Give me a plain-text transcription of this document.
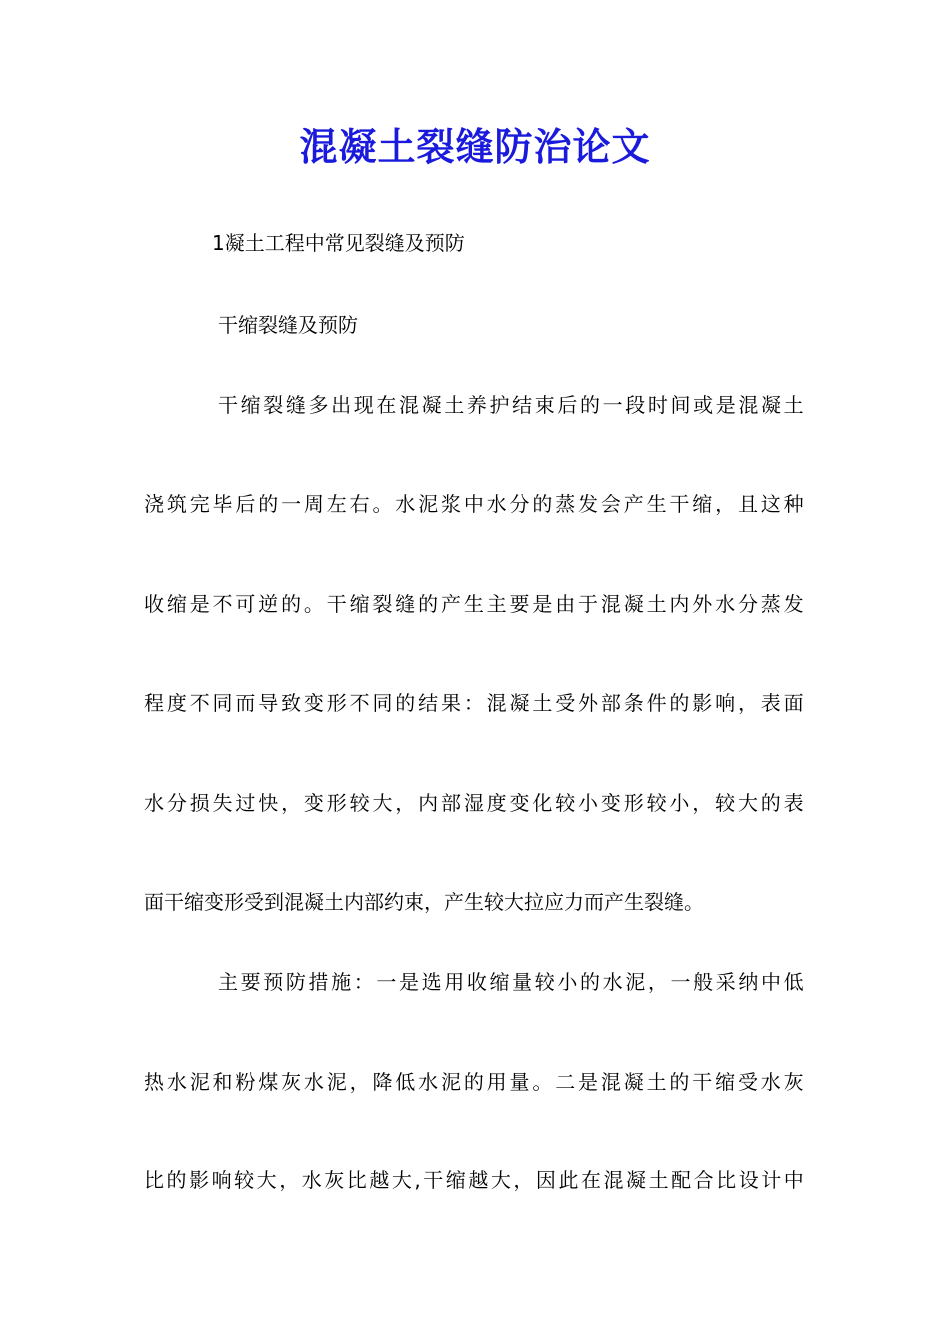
混凝土裂缝防治论文
1凝土工程中常见裂缝及预防
干缩裂缝及预防
干 缩 裂 缝 多 出 现 在 混 凝 土 养 护 结 束 后 的 一 段 时 间 或 是 混 凝 土
浇 筑 完 毕 后 的 一 周 左 右 。 水 泥 浆 中 水 分 的 蒸 发 会 产 生 干 缩 ， 且 这 种
收 缩 是 不 可 逆 的 。 干 缩 裂 缝 的 产 生 主 要 是 由 于 混 凝 土 内 外 水 分 蒸 发
程 度 不 同 而 导 致 变 形 不 同 的 结 果 ： 混 凝 土 受 外 部 条 件 的 影 响 ， 表 面
水 分 损 失 过 快 ， 变 形 较 大 ， 内 部 湿 度 变 化 较 小 变 形 较 小 ， 较 大 的 表
面干缩变形受到混凝土内部约束，产生较大拉应力而产生裂缝。
主 要 预 防 措 施 ： 一 是 选 用 收 缩 量 较 小 的 水 泥 ， 一 般 采 纳 中 低
热 水 泥 和 粉 煤 灰 水 泥 ， 降 低 水 泥 的 用 量 。 二 是 混 凝 土 的 干 缩 受 水 灰
比 的 影 响 较 大 ， 水 灰 比 越 大 , 干 缩 越 大 ， 因 此 在 混 凝 土 配 合 比 设 计 中
